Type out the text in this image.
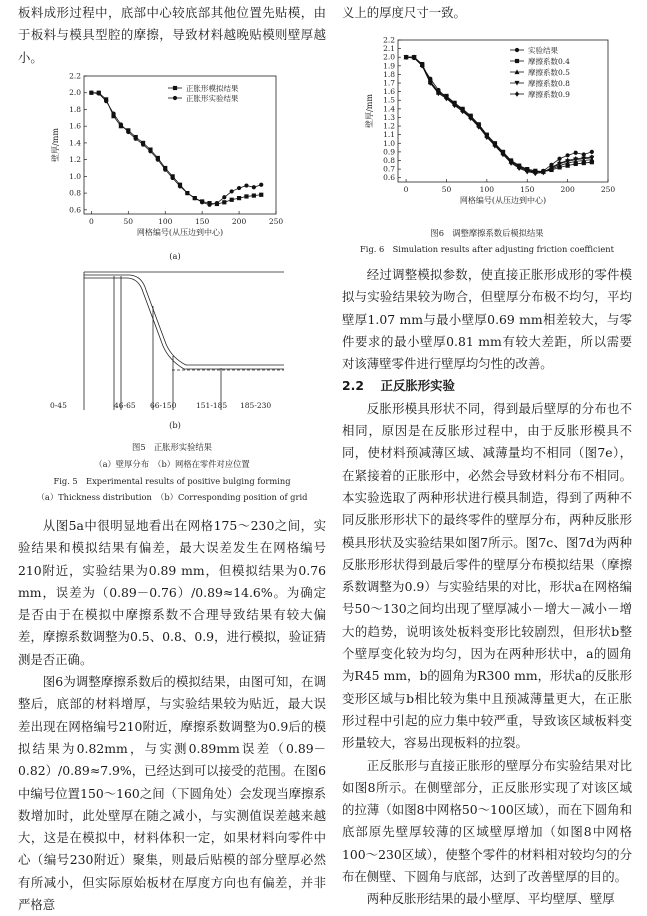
板料成形过程中，底部中心较底部其他位置先贴模，由于板料与模具型腔的摩擦，导致材料越晚贴模则壁厚越小。

0	50	100	150	200	250
0.6
0.8
1.0
1.2
1.4
1.6
1.8
2.0
2.2
网格编号(从压边到中心)
壁厚/mm
正胀形模拟结果
正胀形实验结果
(a)
0-45	46-65 66-150	151-185 185-230
(b)
图5　正胀形实验结果
（a）壁厚分布　（b）网格在零件对应位置
Fig. 5　Experimental results of positive bulging forming
（a）Thickness distribution　（b）Corresponding position of grid

从图5a中很明显地看出在网格175～230之间，实验结果和模拟结果有偏差，最大误差发生在网格编号210附近，实验结果为0.89 mm，但模拟结果为0.76 mm，误差为（0.89－0.76）/0.89≈14.6%。为确定是否由于在模拟中摩擦系数不合理导致结果有较大偏差，摩擦系数调整为0.5、0.8、0.9，进行模拟，验证猜测是否正确。

图6为调整摩擦系数后的模拟结果，由图可知，在调整后，底部的材料增厚，与实验结果较为贴近，最大误差出现在网格编号210附近，摩擦系数调整为0.9后的模拟结果为0.82mm，与实测0.89mm误差（0.89－0.82）/0.89≈7.9%，已经达到可以接受的范围。在图6中编号位置150～160之间（下圆角处）会发现当摩擦系数增加时，此处壁厚在随之减小，与实测值误差越来越大，这是在模拟中，材料体积一定，如果材料向零件中心（编号230附近）聚集，则最后贴模的部分壁厚必然有所减小，但实际原始板材在厚度方向也有偏差，并非严格意

义上的厚度尺寸一致。

0	50	100	150	200	250
0.6
0.7
0.8
0.9
1.0
1.1
1.2
1.3
1.4
1.5
1.6
1.7
1.8
1.9
2.0
2.1
2.2
网格编号(从压边到中心)
壁厚/mm
实验结果
摩擦系数0.4
摩擦系数0.5
摩擦系数0.8
摩擦系数0.9
图6　调整摩擦系数后模拟结果
Fig. 6　Simulation results after adjusting friction coefficient

经过调整模拟参数，使直接正胀形成形的零件模拟与实验结果较为吻合，但壁厚分布极不均匀，平均壁厚1.07 mm与最小壁厚0.69 mm相差较大，与零件要求的最小壁厚0.81 mm有较大差距，所以需要对该薄壁零件进行壁厚均匀性的改善。

2.2 正反胀形实验

反胀形模具形状不同，得到最后壁厚的分布也不相同，原因是在反胀形过程中，由于反胀形模具不同，使材料预减薄区域、减薄量均不相同（图7e），在紧接着的正胀形中，必然会导致材料分布不相同。本实验选取了两种形状进行模具制造，得到了两种不同反胀形形状下的最终零件的壁厚分布，两种反胀形模具形状及实验结果如图7所示。图7c、图7d为两种反胀形形状得到最后零件的壁厚分布模拟结果（摩擦系数调整为0.9）与实验结果的对比，形状a在网格编号50～130之间均出现了壁厚减小－增大－减小－增大的趋势，说明该处板料变形比较剧烈，但形状b整个壁厚变化较为均匀，因为在两种形状中，a的圆角为R45 mm，b的圆角为R300 mm，形状a的反胀形变形区域与b相比较为集中且预减薄量更大，在正胀形过程中引起的应力集中较严重，导致该区域板料变形量较大，容易出现板料的拉裂。

正反胀形与直接正胀形的壁厚分布实验结果对比如图8所示。在侧壁部分，正反胀形实现了对该区域的拉薄（如图8中网格50～100区域），而在下圆角和底部原先壁厚较薄的区域壁厚增加（如图8中网格100～230区域），使整个零件的材料相对较均匀的分布在侧壁、下圆角与底部，达到了改善壁厚的目的。

两种反胀形结果的最小壁厚、平均壁厚、壁厚
